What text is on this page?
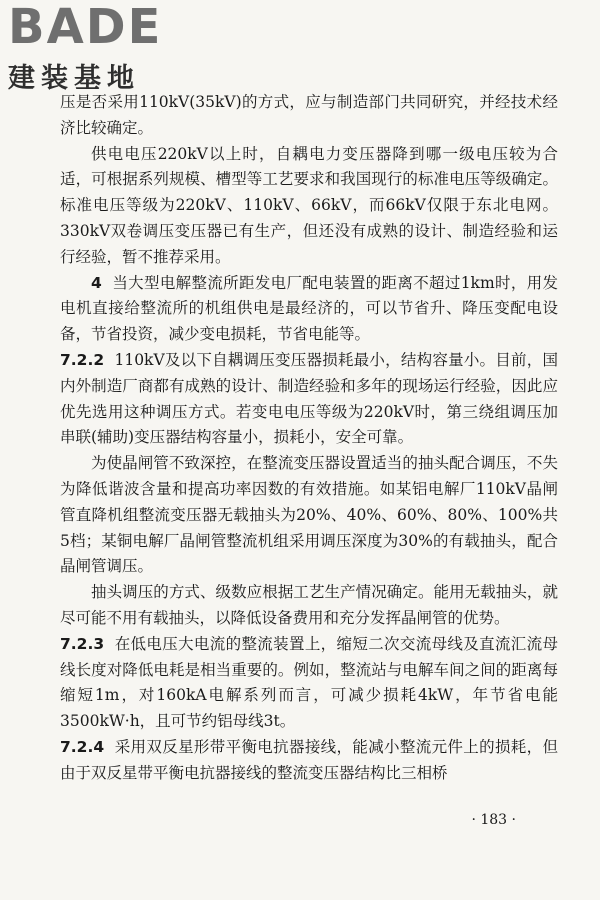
BADE
建装基地

压是否采用110kV(35kV)的方式，应与制造部门共同研究，并经技术经济比较确定。

供电电压220kV以上时，自耦电力变压器降到哪一级电压较为合适，可根据系列规模、槽型等工艺要求和我国现行的标准电压等级确定。标准电压等级为220kV、110kV、66kV，而66kV仅限于东北电网。330kV双卷调压变压器已有生产，但还没有成熟的设计、制造经验和运行经验，暂不推荐采用。

4 当大型电解整流所距发电厂配电装置的距离不超过1km时，用发电机直接给整流所的机组供电是最经济的，可以节省升、降压变配电设备，节省投资，减少变电损耗，节省电能等。

7.2.2 110kV及以下自耦调压变压器损耗最小，结构容量小。目前，国内外制造厂商都有成熟的设计、制造经验和多年的现场运行经验，因此应优先选用这种调压方式。若变电电压等级为220kV时，第三绕组调压加串联(辅助)变压器结构容量小，损耗小，安全可靠。

为使晶闸管不致深控，在整流变压器设置适当的抽头配合调压，不失为降低谐波含量和提高功率因数的有效措施。如某铝电解厂110kV晶闸管直降机组整流变压器无载抽头为20%、40%、60%、80%、100%共5档；某铜电解厂晶闸管整流机组采用调压深度为30%的有载抽头，配合晶闸管调压。

抽头调压的方式、级数应根据工艺生产情况确定。能用无载抽头，就尽可能不用有载抽头，以降低设备费用和充分发挥晶闸管的优势。

7.2.3 在低电压大电流的整流装置上，缩短二次交流母线及直流汇流母线长度对降低电耗是相当重要的。例如，整流站与电解车间之间的距离每缩短1m，对160kA电解系列而言，可减少损耗4kW，年节省电能3500kW·h，且可节约铝母线3t。

7.2.4 采用双反星形带平衡电抗器接线，能减小整流元件上的损耗，但由于双反星带平衡电抗器接线的整流变压器结构比三相桥

· 183 ·
